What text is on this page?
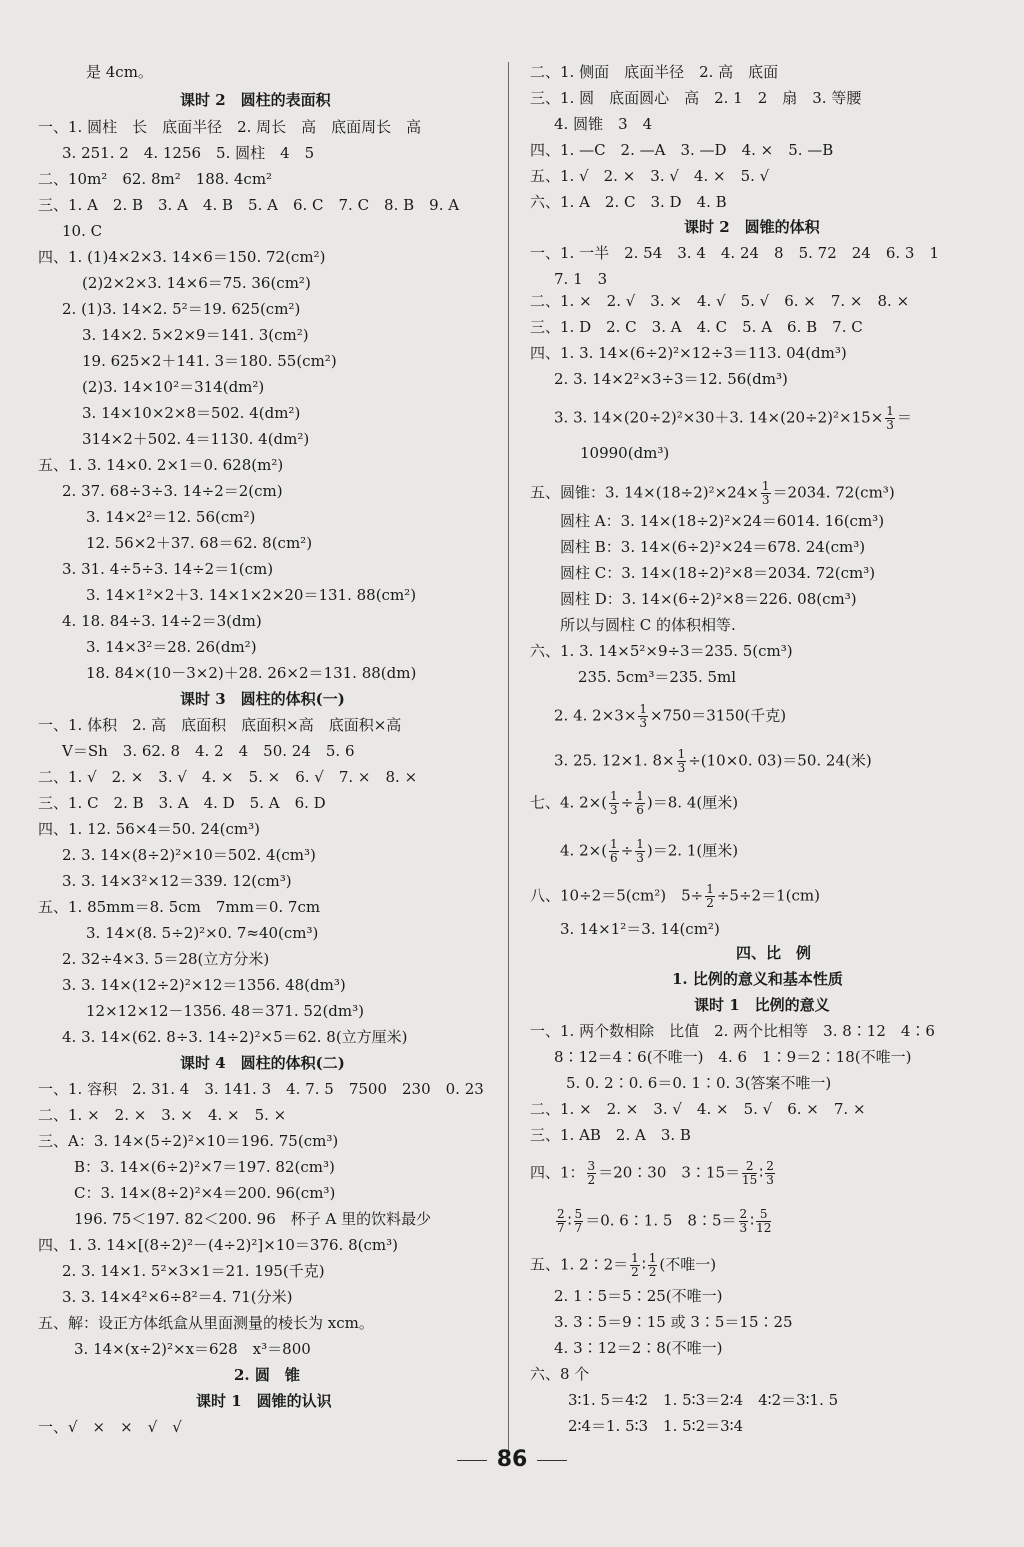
是 4cm。
课时 2　圆柱的表面积
一、1. 圆柱　长　底面半径　2. 周长　高　底面周长　高
3. 251. 2　4. 1256　5. 圆柱　4　5
二、10m²　62. 8m²　188. 4cm²
三、1. A　2. B　3. A　4. B　5. A　6. C　7. C　8. B　9. A
10. C
四、1. (1)4×2×3. 14×6＝150. 72(cm²)
(2)2×2×3. 14×6＝75. 36(cm²)
2. (1)3. 14×2. 5²＝19. 625(cm²)
3. 14×2. 5×2×9＝141. 3(cm²)
19. 625×2＋141. 3＝180. 55(cm²)
(2)3. 14×10²＝314(dm²)
3. 14×10×2×8＝502. 4(dm²)
314×2＋502. 4＝1130. 4(dm²)
五、1. 3. 14×0. 2×1＝0. 628(m²)
2. 37. 68÷3÷3. 14÷2＝2(cm)
3. 14×2²＝12. 56(cm²)
12. 56×2＋37. 68＝62. 8(cm²)
3. 31. 4÷5÷3. 14÷2＝1(cm)
3. 14×1²×2＋3. 14×1×2×20＝131. 88(cm²)
4. 18. 84÷3. 14÷2＝3(dm)
3. 14×3²＝28. 26(dm²)
18. 84×(10－3×2)＋28. 26×2＝131. 88(dm)
课时 3　圆柱的体积(一)
一、1. 体积　2. 高　底面积　底面积×高　底面积×高
V＝Sh　3. 62. 8　4. 2　4　50. 24　5. 6
二、1. √　2. ×　3. √　4. ×　5. ×　6. √　7. ×　8. ×
三、1. C　2. B　3. A　4. D　5. A　6. D
四、1. 12. 56×4＝50. 24(cm³)
2. 3. 14×(8÷2)²×10＝502. 4(cm³)
3. 3. 14×3²×12＝339. 12(cm³)
五、1. 85mm＝8. 5cm　7mm＝0. 7cm
3. 14×(8. 5÷2)²×0. 7≈40(cm³)
2. 32÷4×3. 5＝28(立方分米)
3. 3. 14×(12÷2)²×12＝1356. 48(dm³)
12×12×12－1356. 48＝371. 52(dm³)
4. 3. 14×(62. 8÷3. 14÷2)²×5＝62. 8(立方厘米)
课时 4　圆柱的体积(二)
一、1. 容积　2. 31. 4　3. 141. 3　4. 7. 5　7500　230　0. 23
二、1. ×　2. ×　3. ×　4. ×　5. ×
三、A：3. 14×(5÷2)²×10＝196. 75(cm³)
B：3. 14×(6÷2)²×7＝197. 82(cm³)
C：3. 14×(8÷2)²×4＝200. 96(cm³)
196. 75＜197. 82＜200. 96　杯子 A 里的饮料最少
四、1. 3. 14×[(8÷2)²－(4÷2)²]×10＝376. 8(cm³)
2. 3. 14×1. 5²×3×1＝21. 195(千克)
3. 3. 14×4²×6÷8²＝4. 71(分米)
五、解：设正方体纸盒从里面测量的棱长为 xcm。
3. 14×(x÷2)²×x＝628　x³＝800
2. 圆　锥
课时 1　圆锥的认识
一、√　×　×　√　√
二、1. 侧面　底面半径　2. 高　底面
三、1. 圆　底面圆心　高　2. 1　2　扇　3. 等腰
4. 圆锥　3　4
四、1. —C　2. —A　3. —D　4. ×　5. —B
五、1. √　2. ×　3. √　4. ×　5. √
六、1. A　2. C　3. D　4. B
课时 2　圆锥的体积
一、1. 一半　2. 54　3. 4　4. 24　8　5. 72　24　6. 3　1
7. 1　3
二、1. ×　2. √　3. ×　4. √　5. √　6. ×　7. ×　8. ×
三、1. D　2. C　3. A　4. C　5. A　6. B　7. C
四、1. 3. 14×(6÷2)²×12÷3＝113. 04(dm³)
2. 3. 14×2²×3÷3＝12. 56(dm³)
3. 3. 14×(20÷2)²×30＋3. $14\times(20\div 2)^2\times 15\times \frac{1}{3}$ ＝
10990(dm³)
五、圆锥：3. $14\times(18\div 2)^2\times 24\times \frac{1}{3} =2034$. 72(cm³)
圆柱 A：3. 14×(18÷2)²×24＝6014. 16(cm³)
圆柱 B：3. 14×(6÷2)²×24＝678. 24(cm³)
圆柱 C：3. 14×(18÷2)²×8＝2034. 72(cm³)
圆柱 D：3. 14×(6÷2)²×8＝226. 08(cm³)
所以与圆柱 C 的体积相等.
六、1. 3. 14×5²×9÷3＝235. 5(cm³)
235. 5cm³＝235. 5ml
2. 4. $2\times 3\times \frac{1}{3} \times 750=3150$(千克)
3. 25. 12×1. $8\times \frac{1}{3} \div(10\times 0$. 03)＝50. 24(米)
七、4. $2\times( \frac{1}{3} \div \frac{1}{6} )=8$. 4(厘米)
4. $2\times( \frac{1}{6} \div \frac{1}{3} )=2$. 1(厘米)
八、10÷2＝5(cm²)　$5\div \frac{1}{2} \div 5\div 2=1(cm)$
3. 14×1²＝3. 14(cm²)
四、比　例
1. 比例的意义和基本性质
课时 1　比例的意义
一、1. 两个数相除　比值　2. 两个比相等　3. 8∶12　4∶6
8∶12＝4∶6(不唯一)　4. 6　1∶9＝2∶18(不唯一)
5. 0. 2∶0. 6＝0. 1∶0. 3(答案不唯一)
二、1. ×　2. ×　3. √　4. ×　5. √　6. ×　7. ×
三、1. AB　2. A　3. B
四、1： $\frac{3}{2}$ ＝20∶30　3∶15＝ $\frac{2}{15}$ ∶ $\frac{2}{3}$
$\frac{2}{7}$ ∶ $\frac{5}{7} =0$. 6∶1. 5　8∶5＝ $\frac{2}{3}$ ∶ $\frac{5}{12}$
五、1. 2∶2＝ $\frac{1}{2}$ ∶ $\frac{1}{2}$ (不唯一)
2. 1∶5＝5∶25(不唯一)
3. 3∶5＝9∶15 或 3∶5＝15∶25
4. 3∶12＝2∶8(不唯一)
六、8 个
3∶1. 5＝4∶2　1. 5∶3＝2∶4　4∶2＝3∶1. 5
2∶4＝1. 5∶3　1. 5∶2＝3∶4
86
